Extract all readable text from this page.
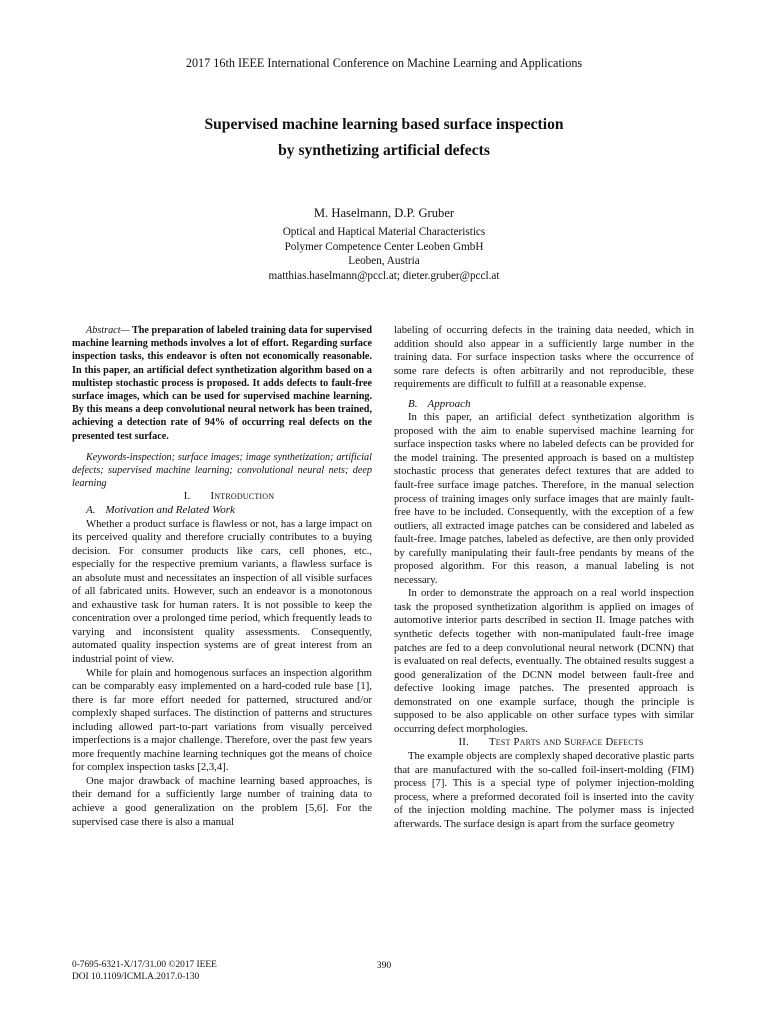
2017 16th IEEE International Conference on Machine Learning and Applications
Supervised machine learning based surface inspection
by synthetizing artificial defects
M. Haselmann, D.P. Gruber
Optical and Haptical Material Characteristics
Polymer Competence Center Leoben GmbH
Leoben, Austria
matthias.haselmann@pccl.at; dieter.gruber@pccl.at

Abstract— The preparation of labeled training data for supervised machine learning methods involves a lot of effort. Regarding surface inspection tasks, this endeavor is often not economically reasonable. In this paper, an artificial defect synthetization algorithm based on a multistep stochastic process is proposed. It adds defects to fault-free surface images, which can be used for supervised machine learning. By this means a deep convolutional neural network has been trained, achieving a detection rate of 94% of occurring real defects on the presented test surface.

Keywords-inspection; surface images; image synthetization; artificial defects; supervised machine learning; convolutional neural nets; deep learning

I. Introduction

A. Motivation and Related Work

Whether a product surface is flawless or not, has a large impact on its perceived quality and therefore crucially contributes to a buying decision. For consumer products like cars, cell phones, etc., especially for the respective premium variants, a flawless surface is an absolute must and necessitates an inspection of all visible surfaces of all fabricated units. However, such an endeavor is a monotonous and exhaustive task for human raters. It is not possible to keep the concentration over a prolonged time period, which frequently leads to varying and inconsistent quality assessments. Consequently, automated quality inspection systems are of great interest from an industrial point of view.

While for plain and homogenous surfaces an inspection algorithm can be comparably easy implemented on a hard-coded rule base [1], there is far more effort needed for patterned, structured and/or complexly shaped surfaces. The distinction of patterns and structures including allowed part-to-part variations from visually perceived imperfections is a major challenge. Therefore, over the past few years more frequently machine learning techniques got the means of choice for complex inspection tasks [2,3,4].

One major drawback of machine learning based approaches, is their demand for a sufficiently large number of training data to achieve a good generalization on the problem [5,6]. For the supervised case there is also a manual

labeling of occurring defects in the training data needed, which in addition should also appear in a sufficiently large number in the training data. For surface inspection tasks where the occurrence of some rare defects is often arbitrarily and not reproducible, these requirements are difficult to fulfill at a reasonable expense.

B. Approach

In this paper, an artificial defect synthetization algorithm is proposed with the aim to enable supervised machine learning for surface inspection tasks where no labeled defects can be provided for the model training. The presented approach is based on a multistep stochastic process that generates defect textures that are added to fault-free surface image patches. Therefore, in the manual selection process of training images only surface images that are mainly fault-free have to be included. Consequently, with the exception of a few outliers, all extracted image patches can be considered and labeled as fault-free. Image patches, labeled as defective, are then only provided by carefully manipulating their fault-free pendants by means of the proposed algorithm. For this reason, a manual labeling is not necessary.

In order to demonstrate the approach on a real world inspection task the proposed synthetization algorithm is applied on images of automotive interior parts described in section II. Image patches with synthetic defects together with non-manipulated fault-free image patches are fed to a deep convolutional neural network (DCNN) that is evaluated on real defects, eventually. The obtained results suggest a good generalization of the DCNN model between fault-free and defective looking image patches. The presented approach is demonstrated on one example surface, though the principle is supposed to be also applicable on other surface types with similar occurring defect morphologies.

II. Test Parts and Surface Defects

The example objects are complexly shaped decorative plastic parts that are manufactured with the so-called foil-insert-molding (FIM) process [7]. This is a special type of polymer injection-molding process, where a preformed decorated foil is inserted into the cavity of the injection molding machine. The polymer mass is injected afterwards. The surface design is apart from the surface geometry

0-7695-6321-X/17/31.00 ©2017 IEEE
DOI 10.1109/ICMLA.2017.0-130
390
